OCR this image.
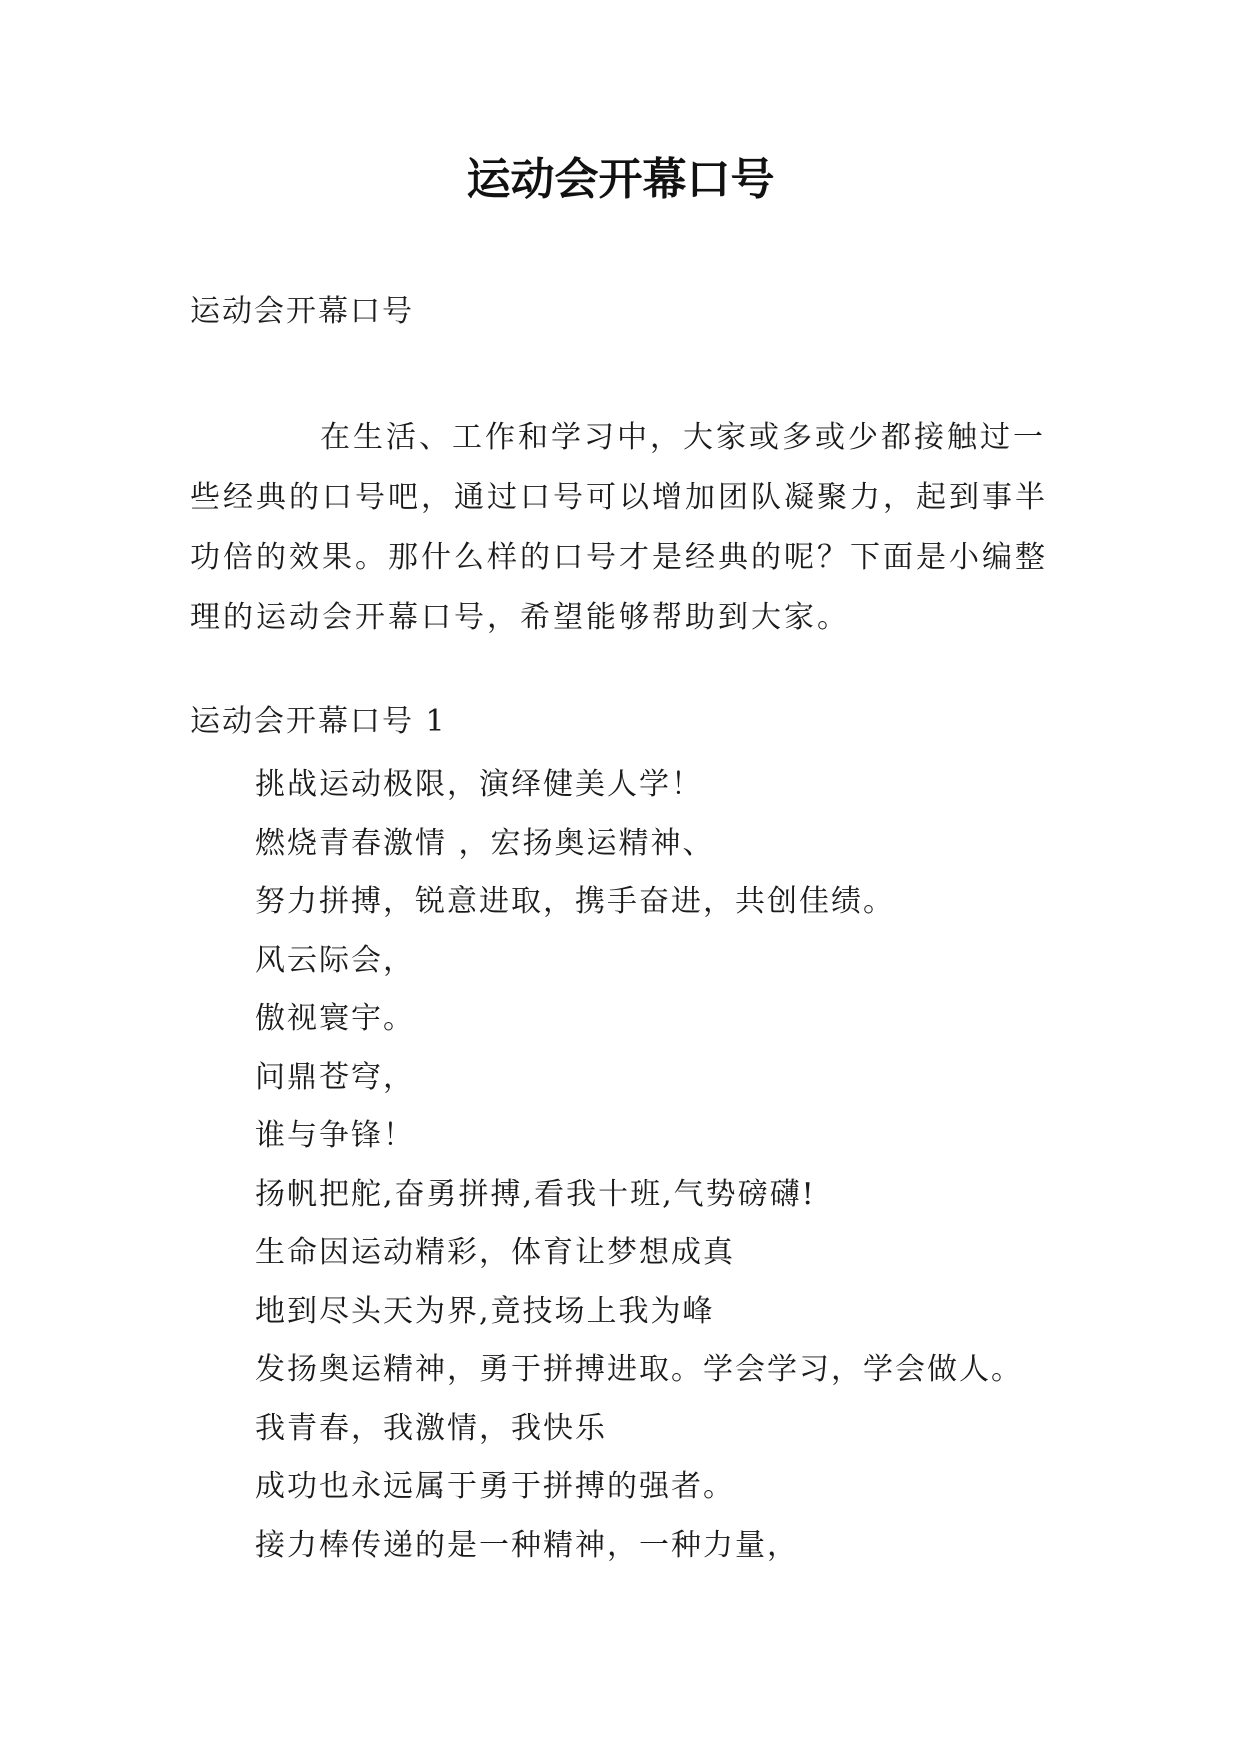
运动会开幕口号
运动会开幕口号

在生活、工作和学习中，大家或多或少都接触过一些经典的口号吧，通过口号可以增加团队凝聚力，起到事半功倍的效果。那什么样的口号才是经典的呢？下面是小编整理的运动会开幕口号，希望能够帮助到大家。

运动会开幕口号 1
挑战运动极限，演绎健美人学！
燃烧青春激情 ，宏扬奥运精神、
努力拼搏，锐意进取，携手奋进，共创佳绩。
风云际会，
傲视寰宇。
问鼎苍穹，
谁与争锋！
扬帆把舵,奋勇拼搏,看我十班,气势磅礴!
生命因运动精彩，体育让梦想成真
地到尽头天为界,竟技场上我为峰
发扬奥运精神，勇于拼搏进取。学会学习，学会做人。
我青春，我激情，我快乐
成功也永远属于勇于拼搏的强者。
接力棒传递的是一种精神，一种力量，
